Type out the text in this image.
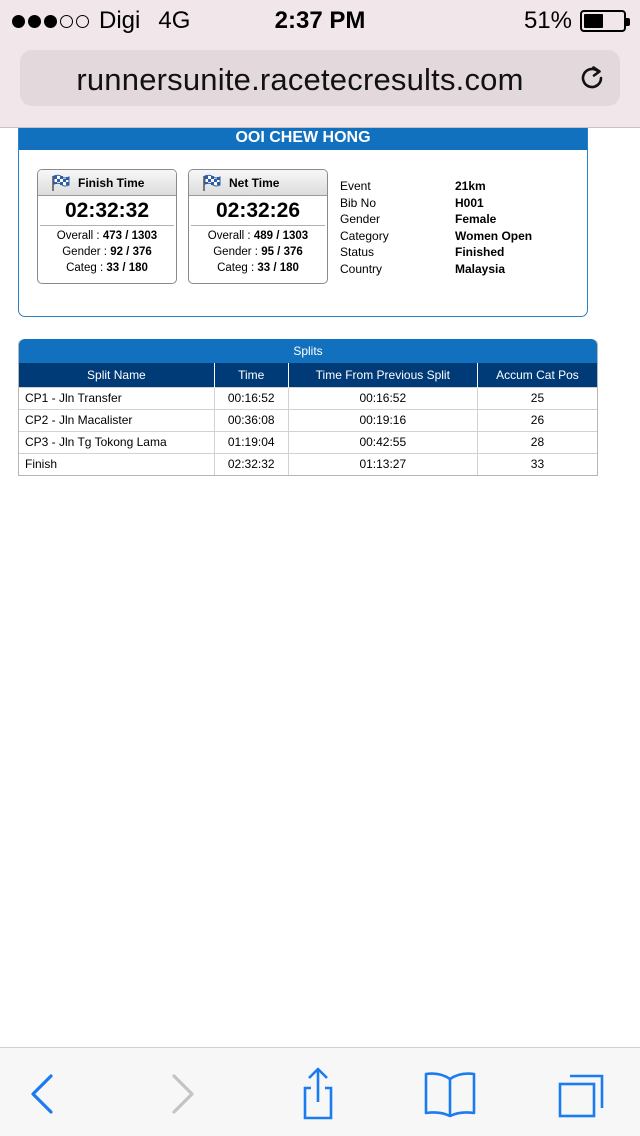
Digi 4G	2:37 PM	51%
runnersunite.racetecresults.com
OOI CHEW HONG
Finish Time
02:32:32
Overall : 473 / 1303
Gender : 92 / 376
Categ : 33 / 180
Net Time
02:32:26
Overall : 489 / 1303
Gender : 95 / 376
Categ : 33 / 180
Event	21km
Bib No	H001
Gender	Female
Category	Women Open
Status	Finished
Country	Malaysia
Splits
Split Name	Time	Time From Previous Split	Accum Cat Pos
CP1 - Jln Transfer	00:16:52	00:16:52	25
CP2 - Jln Macalister	00:36:08	00:19:16	26
CP3 - Jln Tg Tokong Lama	01:19:04	00:42:55	28
Finish	02:32:32	01:13:27	33
